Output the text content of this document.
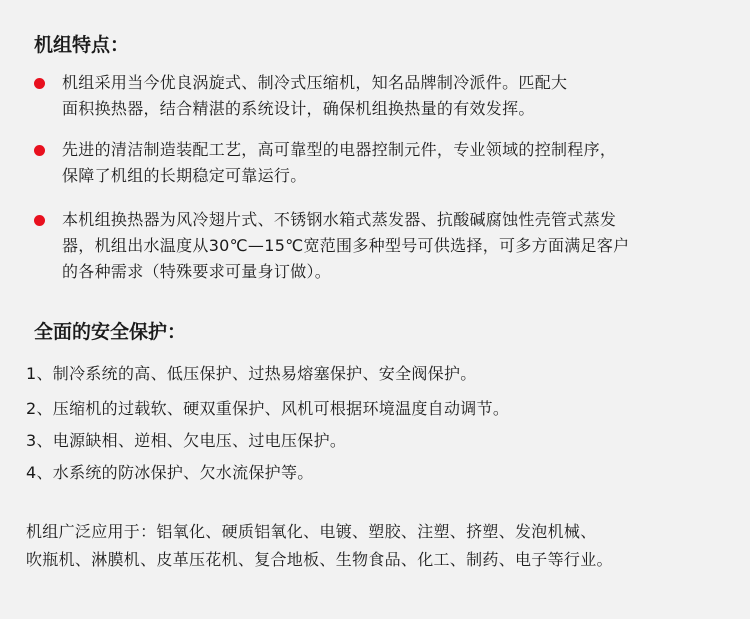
机组特点：
机组采用当今优良涡旋式、制冷式压缩机，知名品牌制冷派件。匹配大
面积换热器，结合精湛的系统设计，确保机组换热量的有效发挥。
先进的清洁制造装配工艺，高可靠型的电器控制元件，专业领域的控制程序，
保障了机组的长期稳定可靠运行。
本机组换热器为风冷翅片式、不锈钢水箱式蒸发器、抗酸碱腐蚀性壳管式蒸发
器，机组出水温度从30℃—15℃宽范围多种型号可供选择，可多方面满足客户
的各种需求（特殊要求可量身订做）。
全面的安全保护：
1、制冷系统的高、低压保护、过热易熔塞保护、安全阀保护。
2、压缩机的过载软、硬双重保护、风机可根据环境温度自动调节。
3、电源缺相、逆相、欠电压、过电压保护。
4、水系统的防冰保护、欠水流保护等。
机组广泛应用于：铝氧化、硬质铝氧化、电镀、塑胶、注塑、挤塑、发泡机械、
吹瓶机、淋膜机、皮革压花机、复合地板、生物食品、化工、制药、电子等行业。
